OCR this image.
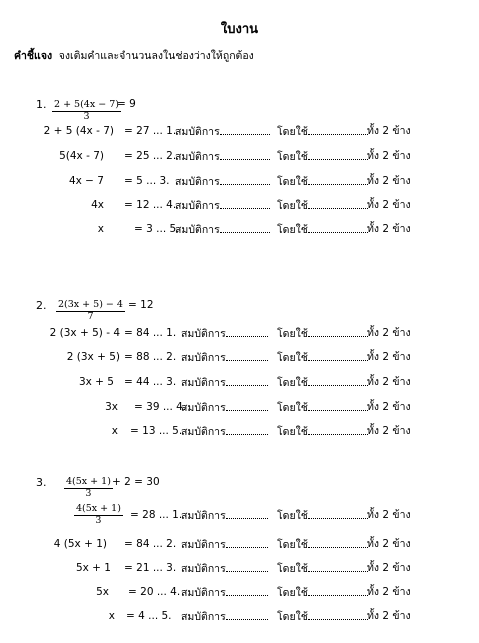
ใบงาน
คำชี้แจง จงเติมคำและจำนวนลงในช่องว่างให้ถูกต้อง
1. $\frac{2 + 5(4x - 7)}{3}$
= 9
2 + 5 (4x - 7) = 27 ... 1.
สมบัติการ	โดยใช้	ทั้ง 2 ข้าง
5(4x - 7) = 25 ... 2.
สมบัติการ	โดยใช้	ทั้ง 2 ข้าง
4x − 7 = 5 ... 3. สมบัติการ	โดยใช้	ทั้ง 2 ข้าง
4x = 12 ... 4.
สมบัติการ	โดยใช้	ทั้ง 2 ข้าง
x	= 3 ... 5.
สมบัติการ	โดยใช้	ทั้ง 2 ข้าง
2. $\frac{2(3x + 5) - 4}{7} = 12$
2 (3x + 5) - 4 = 84 ... 1. สมบัติการ	โดยใช้	ทั้ง 2 ข้าง
2 (3x + 5) = 88 ... 2. สมบัติการ	โดยใช้	ทั้ง 2 ข้าง
3x + 5 = 44 ... 3. สมบัติการ	โดยใช้	ทั้ง 2 ข้าง
3x = 39 ... 4.
สมบัติการ	โดยใช้	ทั้ง 2 ข้าง
x = 13 ... 5.
สมบัติการ	โดยใช้	ทั้ง 2 ข้าง
3. $\frac{4(5x + 1)}{3} + 2 = 30$
$\frac{4(5x + 1)}{3} = 28$ ... 1.
สมบัติการ	โดยใช้	ทั้ง 2 ข้าง
4 (5x + 1) = 84 ... 2. สมบัติการ	โดยใช้	ทั้ง 2 ข้าง
5x + 1 = 21 ... 3. สมบัติการ	โดยใช้	ทั้ง 2 ข้าง
5x = 20 ... 4. สมบัติการ	โดยใช้	ทั้ง 2 ข้าง
x = 4 ... 5. สมบัติการ	โดยใช้	ทั้ง 2 ข้าง
